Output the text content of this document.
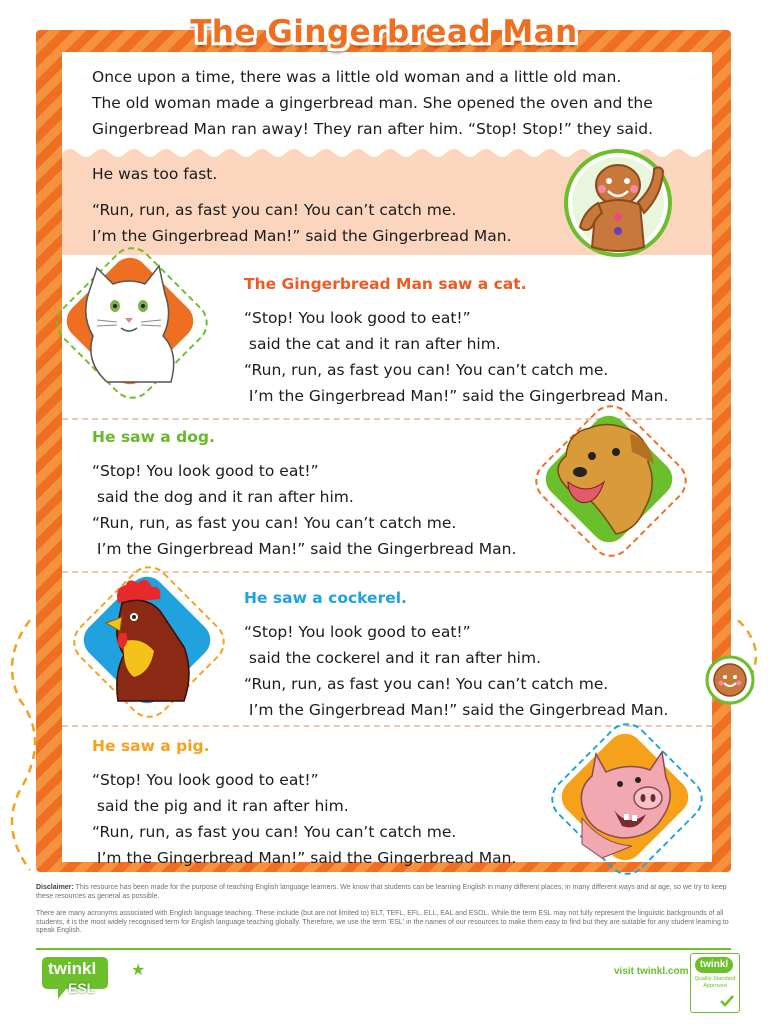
The Gingerbread Man
Once upon a time, there was a little old woman and a little old man.
The old woman made a gingerbread man. She opened the oven and the
Gingerbread Man ran away! They ran after him. “Stop! Stop!” they said.
He was too fast.
“Run, run, as fast you can! You can’t catch me.
I’m the Gingerbread Man!” said the Gingerbread Man.
The Gingerbread Man saw a cat.
“Stop! You look good to eat!”
said the cat and it ran after him.
“Run, run, as fast you can! You can’t catch me.
I’m the Gingerbread Man!” said the Gingerbread Man.
He saw a dog.
“Stop! You look good to eat!”
said the dog and it ran after him.
“Run, run, as fast you can! You can’t catch me.
I’m the Gingerbread Man!” said the Gingerbread Man.
He saw a cockerel.
“Stop! You look good to eat!”
said the cockerel and it ran after him.
“Run, run, as fast you can! You can’t catch me.
I’m the Gingerbread Man!” said the Gingerbread Man.
He saw a pig.
“Stop! You look good to eat!”
said the pig and it ran after him.
“Run, run, as fast you can! You can’t catch me.
I’m the Gingerbread Man!” said the Gingerbread Man.
Disclaimer: This resource has been made for the purpose of teaching English language learners. We know that students can be learning English in many different places, in many different ways and at age, so we try to keep these resources as general as possible.
There are many acronyms associated with English language teaching. These include (but are not limited to) ELT, TEFL, EFL, ELL, EAL and ESOL. While the term ESL may not fully represent the linguistic backgrounds of all students, it is the most widely recognised term for English language teaching globally. Therefore, we use the term 'ESL' in the names of our resources to make them easy to find but they are suitable for any student learning to speak English.
twinkl
ESL
★	visit twinkl.com
twinkl
Quality Standard Approved
